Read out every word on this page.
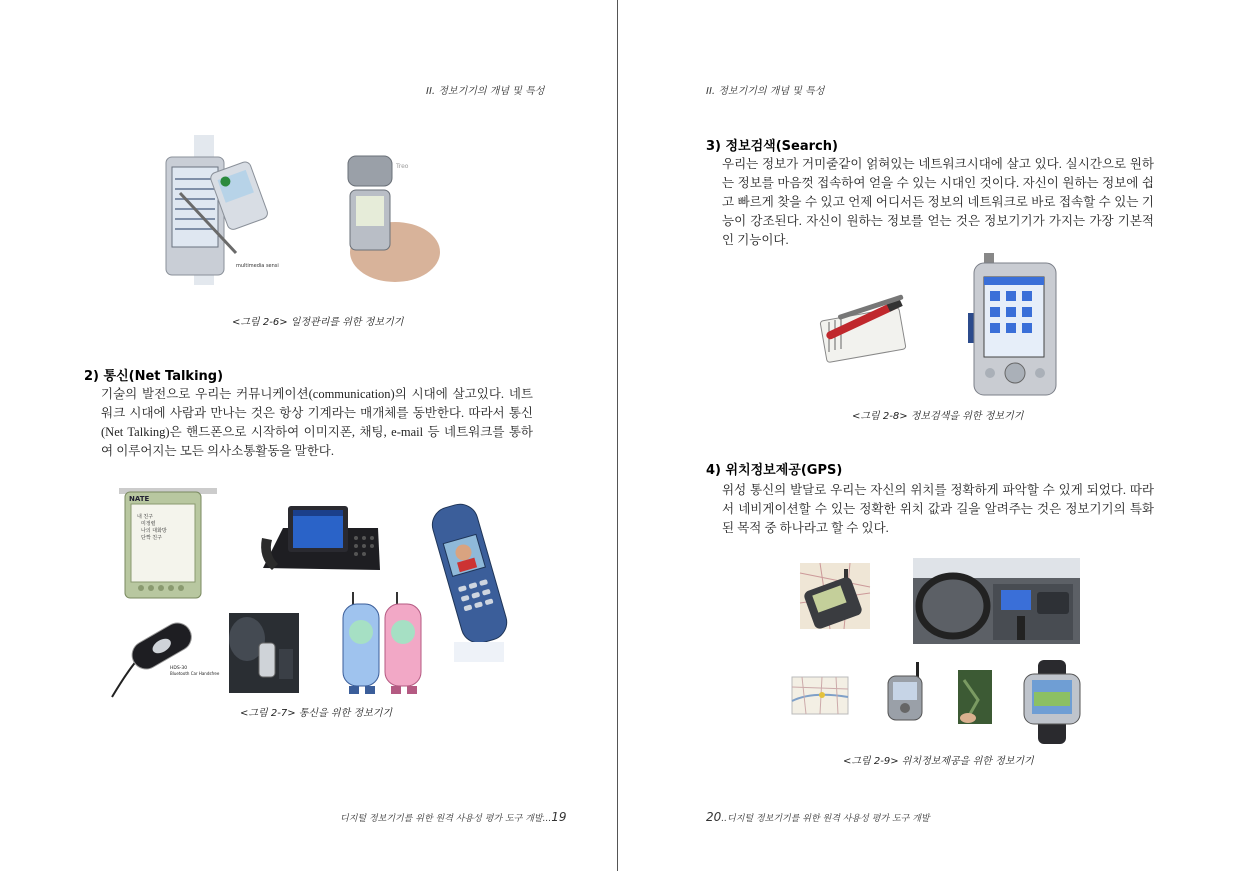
II. 정보기기의 개념 및 특성
multimedia sensi
Treo
<그림 2-6> 일정관리를 위한 정보기기
2) 통신(Net Talking)

기술의 발전으로 우리는 커뮤니케이션(communication)의 시대에 살고있다. 네트워크 시대에 사람과 만나는 것은 항상 기계라는 매개체를 동반한다. 따라서 통신(Net Talking)은 핸드폰으로 시작하여 이미지폰, 채팅, e-mail 등 네트워크를 통하여 이루어지는 모든 의사소통활동을 말한다.

NATE
내 친구
미정렬
나의 대화방
단짝 친구
HDS-30
Bluetooth Car Handsfree
<그림 2-7> 통신을 위한 정보기기
디지털 정보기기를 위한 원격 사용성 평가 도구 개발...19
II. 정보기기의 개념 및 특성
3) 정보검색(Search)

우리는 정보가 거미줄같이 얽혀있는 네트워크시대에 살고 있다. 실시간으로 원하는 정보를 마음껏 접속하여 얻을 수 있는 시대인 것이다. 자신이 원하는 정보에 쉽고 빠르게 찾을 수 있고 언제 어디서든 정보의 네트워크로 바로 접속할 수 있는 기능이 강조된다. 자신이 원하는 정보를 얻는 것은 정보기기가 가지는 가장 기본적인 기능이다.

<그림 2-8> 정보검색을 위한 정보기기
4) 위치정보제공(GPS)

위성 통신의 발달로 우리는 자신의 위치를 정확하게 파악할 수 있게 되었다. 따라서 네비게이션할 수 있는 정확한 위치 값과 길을 알려주는 것은 정보기기의 특화된 목적 중 하나라고 할 수 있다.

<그림 2-9> 위치정보제공을 위한 정보기기
20..디지털 정보기기를 위한 원격 사용성 평가 도구 개발
